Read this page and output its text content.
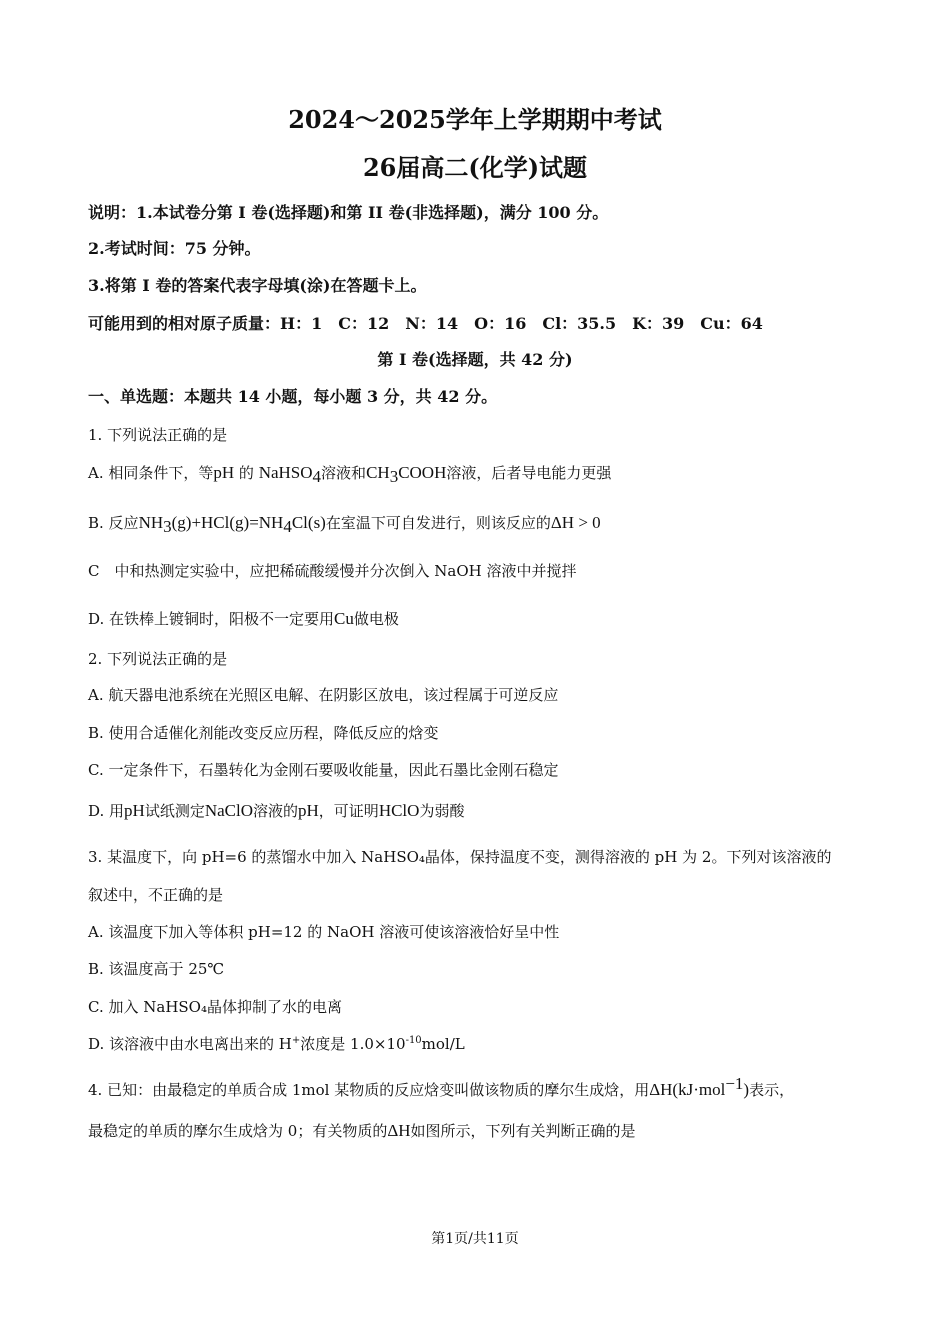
2024～2025学年上学期期中考试
26届高二(化学)试题
说明：1.本试卷分第 I 卷(选择题)和第 II 卷(非选择题)，满分 100 分。
2.考试时间：75 分钟。
3.将第 I 卷的答案代表字母填(涂)在答题卡上。
可能用到的相对原子质量：H：1　C：12　N：14　O：16　Cl：35.5　K：39　Cu：64
第 I 卷(选择题，共 42 分)
一、单选题：本题共 14 小题，每小题 3 分，共 42 分。
1. 下列说法正确的是
A. 相同条件下，等pH 的 NaHSO$_4$溶液和$CH_3COOH$溶液，后者导电能力更强
B. 反应$NH_3(g)+HCl(g)=NH_4Cl(s)$在室温下可自发进行，则该反应的ΔH > 0
C　中和热测定实验中，应把稀硫酸缓慢并分次倒入 NaOH 溶液中并搅拌
D. 在铁棒上镀铜时，阳极不一定要用Cu做电极
2. 下列说法正确的是
A. 航天器电池系统在光照区电解、在阴影区放电，该过程属于可逆反应
B. 使用合适催化剂能改变反应历程，降低反应的焓变
C. 一定条件下，石墨转化为金刚石要吸收能量，因此石墨比金刚石稳定
D. 用pH试纸测定NaClO溶液的pH，可证明HClO为弱酸
3. 某温度下，向 pH=6 的蒸馏水中加入 NaHSO₄晶体，保持温度不变，测得溶液的 pH 为 2。下列对该溶液的
叙述中，不正确的是
A. 该温度下加入等体积 pH=12 的 NaOH 溶液可使该溶液恰好呈中性
B. 该温度高于 25℃
C. 加入 NaHSO₄晶体抑制了水的电离
D. 该溶液中由水电离出来的 H+浓度是 $1.0\times 10^{-10}mol/L$
4. 已知：由最稳定的单质合成 1mol 某物质的反应焓变叫做该物质的摩尔生成焓，用ΔH(kJ·mol$^{-1}$)表示，
最稳定的单质的摩尔生成焓为 0；有关物质的ΔH如图所示，下列有关判断正确的是
第1页/共11页
